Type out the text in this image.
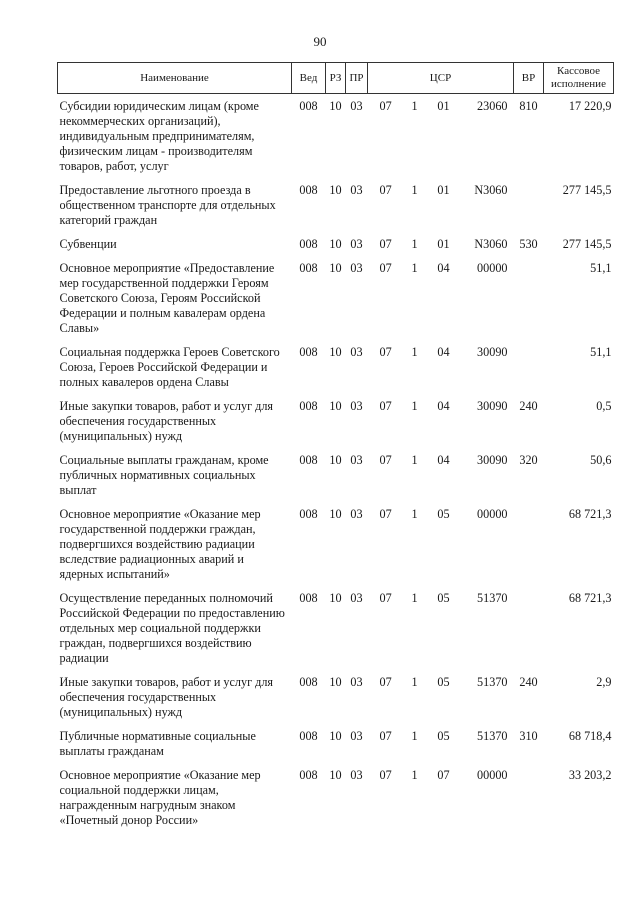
90
Наименование	Вед	РЗ	ПР	ЦСР	ВР	Кассовое исполнение
Субсидии юридическим лицам (кроме некоммерческих организаций), индивидуальным предпринимателям, физическим лицам - производителям товаров, работ, услуг	008	10	03	07 1 01 23060	810	17 220,9
Предоставление льготного проезда в общественном транспорте для отдельных категорий граждан	008	10	03	07 1 01 N3060		277 145,5
Субвенции	008	10	03	07 1 01 N3060	530	277 145,5
Основное мероприятие «Предоставление мер государственной поддержки Героям Советского Союза, Героям Российской Федерации и полным кавалерам ордена Славы»	008	10	03	07 1 04 00000		51,1
Социальная поддержка Героев Советского Союза, Героев Российской Федерации и полных кавалеров ордена Славы	008	10	03	07 1 04 30090		51,1
Иные закупки товаров, работ и услуг для обеспечения государственных (муниципальных) нужд	008	10	03	07 1 04 30090	240	0,5
Социальные выплаты гражданам, кроме публичных нормативных социальных выплат	008	10	03	07 1 04 30090	320	50,6
Основное мероприятие «Оказание мер государственной поддержки граждан, подвергшихся воздействию радиации вследствие радиационных аварий и ядерных испытаний»	008	10	03	07 1 05 00000		68 721,3
Осуществление переданных полномочий Российской Федерации по предоставлению отдельных мер социальной поддержки граждан, подвергшихся воздействию радиации	008	10	03	07 1 05 51370		68 721,3
Иные закупки товаров, работ и услуг для обеспечения государственных (муниципальных) нужд	008	10	03	07 1 05 51370	240	2,9
Публичные нормативные социальные выплаты гражданам	008	10	03	07 1 05 51370	310	68 718,4
Основное мероприятие «Оказание мер социальной поддержки лицам, награжденным нагрудным знаком «Почетный донор России»	008	10	03	07 1 07 00000		33 203,2
